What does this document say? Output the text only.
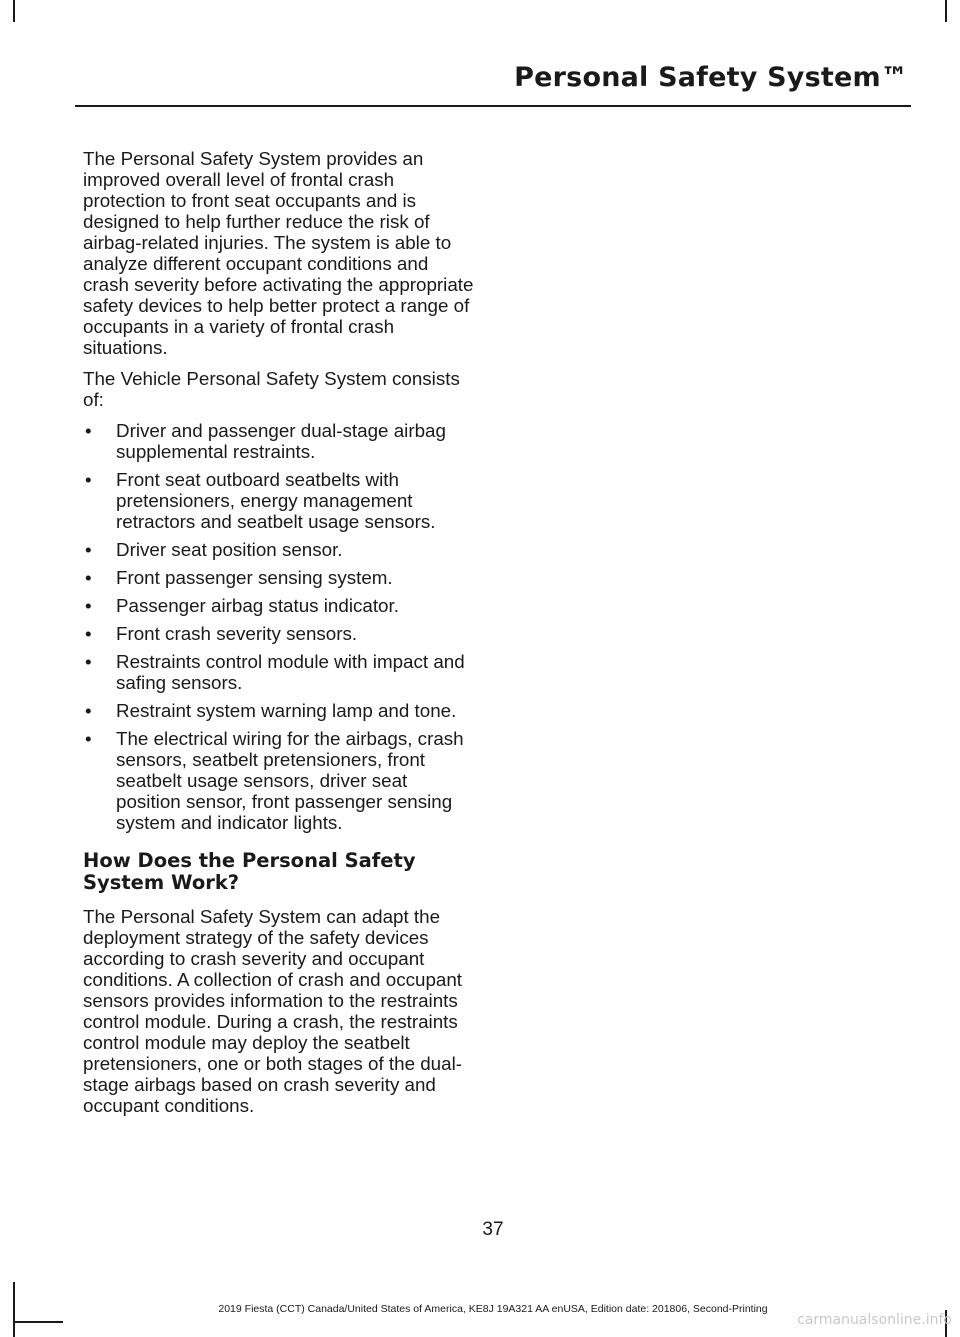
Personal Safety System™

The Personal Safety System provides an improved overall level of frontal crash protection to front seat occupants and is designed to help further reduce the risk of airbag-related injuries. The system is able to analyze different occupant conditions and crash severity before activating the appropriate safety devices to help better protect a range of occupants in a variety of frontal crash situations.

The Vehicle Personal Safety System consists of:

• Driver and passenger dual-stage airbag supplemental restraints.
• Front seat outboard seatbelts with pretensioners, energy management retractors and seatbelt usage sensors.
• Driver seat position sensor.
• Front passenger sensing system.
• Passenger airbag status indicator.
• Front crash severity sensors.
• Restraints control module with impact and safing sensors.
• Restraint system warning lamp and tone.
• The electrical wiring for the airbags, crash sensors, seatbelt pretensioners, front seatbelt usage sensors, driver seat position sensor, front passenger sensing system and indicator lights.
How Does the Personal Safety System Work?

The Personal Safety System can adapt the deployment strategy of the safety devices according to crash severity and occupant conditions. A collection of crash and occupant sensors provides information to the restraints control module. During a crash, the restraints control module may deploy the seatbelt pretensioners, one or both stages of the dual-stage airbags based on crash severity and occupant conditions.

37
2019 Fiesta (CCT) Canada/United States of America, KE8J 19A321 AA enUSA, Edition date: 201806, Second-Printing
carmanualsonline.info
